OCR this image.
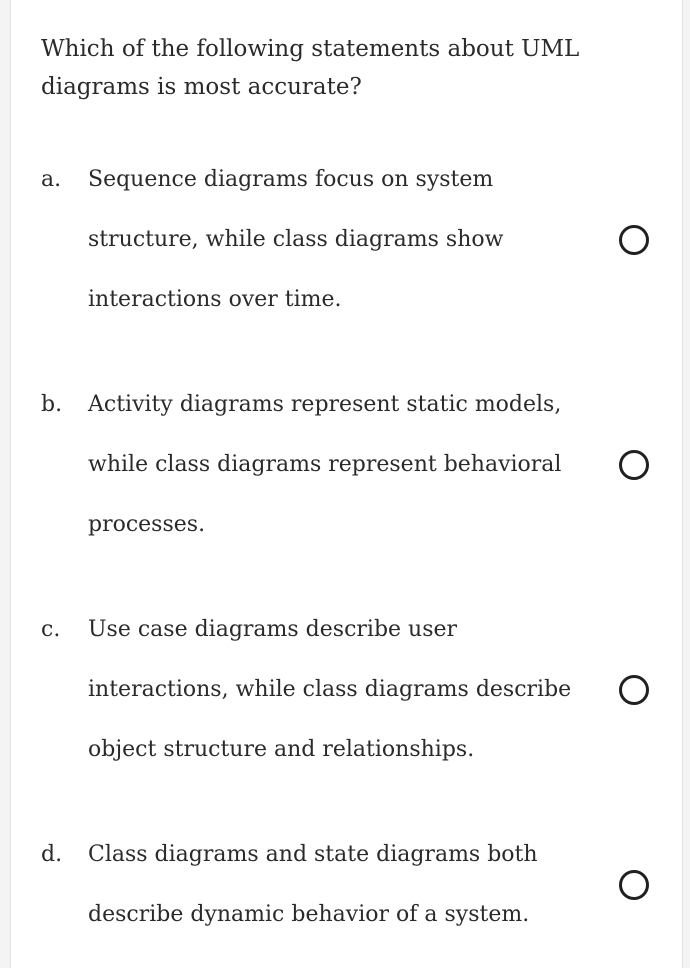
Which of the following statements about UML diagrams is most accurate?
a. Sequence diagrams focus on system structure, while class diagrams show interactions over time.
b. Activity diagrams represent static models, while class diagrams represent behavioral processes.
c. Use case diagrams describe user interactions, while class diagrams describe object structure and relationships.
d. Class diagrams and state diagrams both describe dynamic behavior of a system.
